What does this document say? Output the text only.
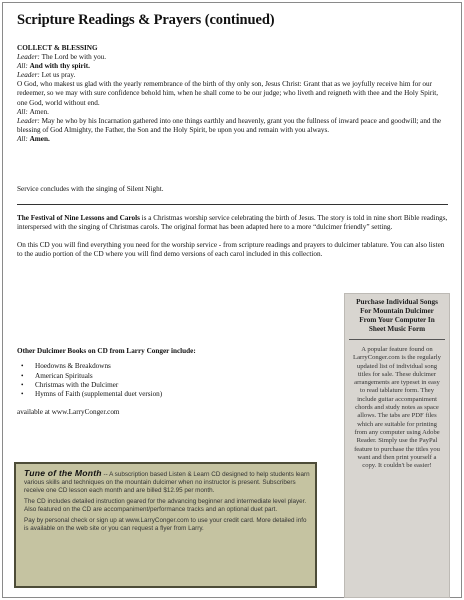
Scripture Readings & Prayers (continued)
COLLECT & BLESSING

Leader: The Lord be with you.

All: And with thy spirit.

Leader: Let us pray.

O God, who makest us glad with the yearly remembrance of the birth of thy only son, Jesus Christ: Grant that as we joyfully receive him for our redeemer, so we may with sure confidence behold him, when he shall come to be our judge; who liveth and reigneth with thee and the Holy Spirit, one God, world without end.

All: Amen.

Leader: May he who by his Incarnation gathered into one things earthly and heavenly, grant you the fullness of inward peace and goodwill; and the blessing of God Almighty, the Father, the Son and the Holy Spirit, be upon you and remain with you always.

All: Amen.

Service concludes with the singing of Silent Night.

The Festival of Nine Lessons and Carols is a Christmas worship service celebrating the birth of Jesus. The story is told in nine short Bible readings, interspersed with the singing of Christmas carols. The original format has been adapted here to a more “dulcimer friendly” setting.

On this CD you will find everything you need for the worship service - from scripture readings and prayers to dulcimer tablature. You can also listen to the audio portion of the CD where you will find demo versions of each carol included in this collection.

Other Dulcimer Books on CD from Larry Conger include:
• Hoedowns & Breakdowns
• American Spirituals
• Christmas with the Dulcimer
• Hymns of Faith (supplemental duet version)
available at www.LarryConger.com

Tune of the Month -- A subscription based Listen & Learn CD designed to help students learn various skills and techniques on the mountain dulcimer when no instructor is present. Subscribers receive one CD lesson each month and are billed $12.95 per month.

The CD includes detailed instruction geared for the advancing beginner and intermediate level player. Also featured on the CD are accompaniment/performance tracks and an optional duet part.

Pay by personal check or sign up at www.LarryConger.com to use your credit card. More detailed info is available on the web site or you can request a flyer from Larry.

Purchase Individual Songs For Mountain Dulcimer From Your Computer In Sheet Music Form
A popular feature found on LarryConger.com is the regularly updated list of individual song titles for sale. These dulcimer arrangements are typeset in easy to read tablature form. They include guitar accompaniment chords and study notes as space allows. The tabs are PDF files which are suitable for printing from any computer using Adobe Reader. Simply use the PayPal feature to purchase the titles you want and then print yourself a copy. It couldn't be easier!
